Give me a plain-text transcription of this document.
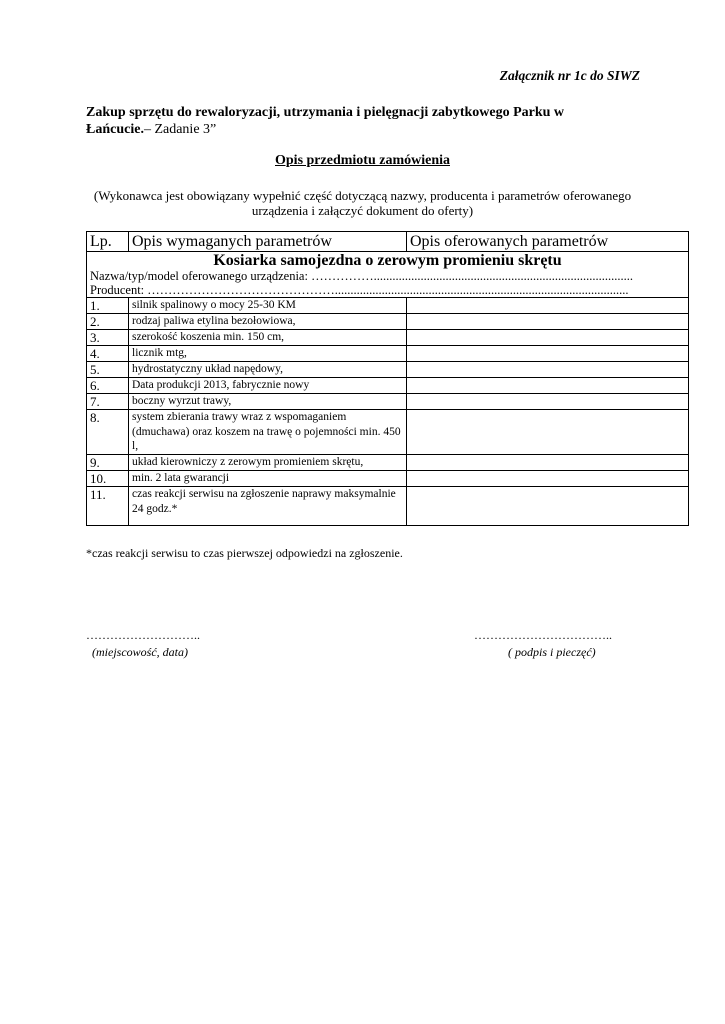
Załącznik nr 1c do SIWZ
Zakup sprzętu do rewaloryzacji, utrzymania i pielęgnacji zabytkowego Parku w Łańcucie.– Zadanie 3”
Opis przedmiotu zamówienia
(Wykonawca jest obowiązany wypełnić część dotyczącą nazwy, producenta i parametrów oferowanego urządzenia i załączyć dokument do oferty)
Lp.	Opis wymaganych parametrów	Opis oferowanych parametrów

Kosiarka samojezdna o zerowym promieniu skrętu
Nazwa/typ/model oferowanego urządzenia: ……………...................................................................................
Producent: ………………………………………..............................................................................................		

1.	silnik spalinowy o mocy 25-30 KM	
2.	rodzaj paliwa etylina bezołowiowa,	
3.	szerokość koszenia min. 150 cm,	
4.	licznik mtg,	
5.	hydrostatyczny układ napędowy,	
6.	Data produkcji 2013, fabrycznie nowy	
7.	boczny wyrzut trawy,	
8.	system zbierania trawy wraz z wspomaganiem (dmuchawa) oraz koszem na trawę o pojemności min. 450 l,	
9.	układ kierowniczy z zerowym promieniem skrętu,	
10.	min. 2 lata gwarancji	
11.	czas reakcji serwisu na zgłoszenie naprawy maksymalnie 24 godz.*	
*czas reakcji serwisu to czas pierwszej odpowiedzi na zgłoszenie.
………………………..	……………………………..
(miejscowość, data)	( podpis i pieczęć)
